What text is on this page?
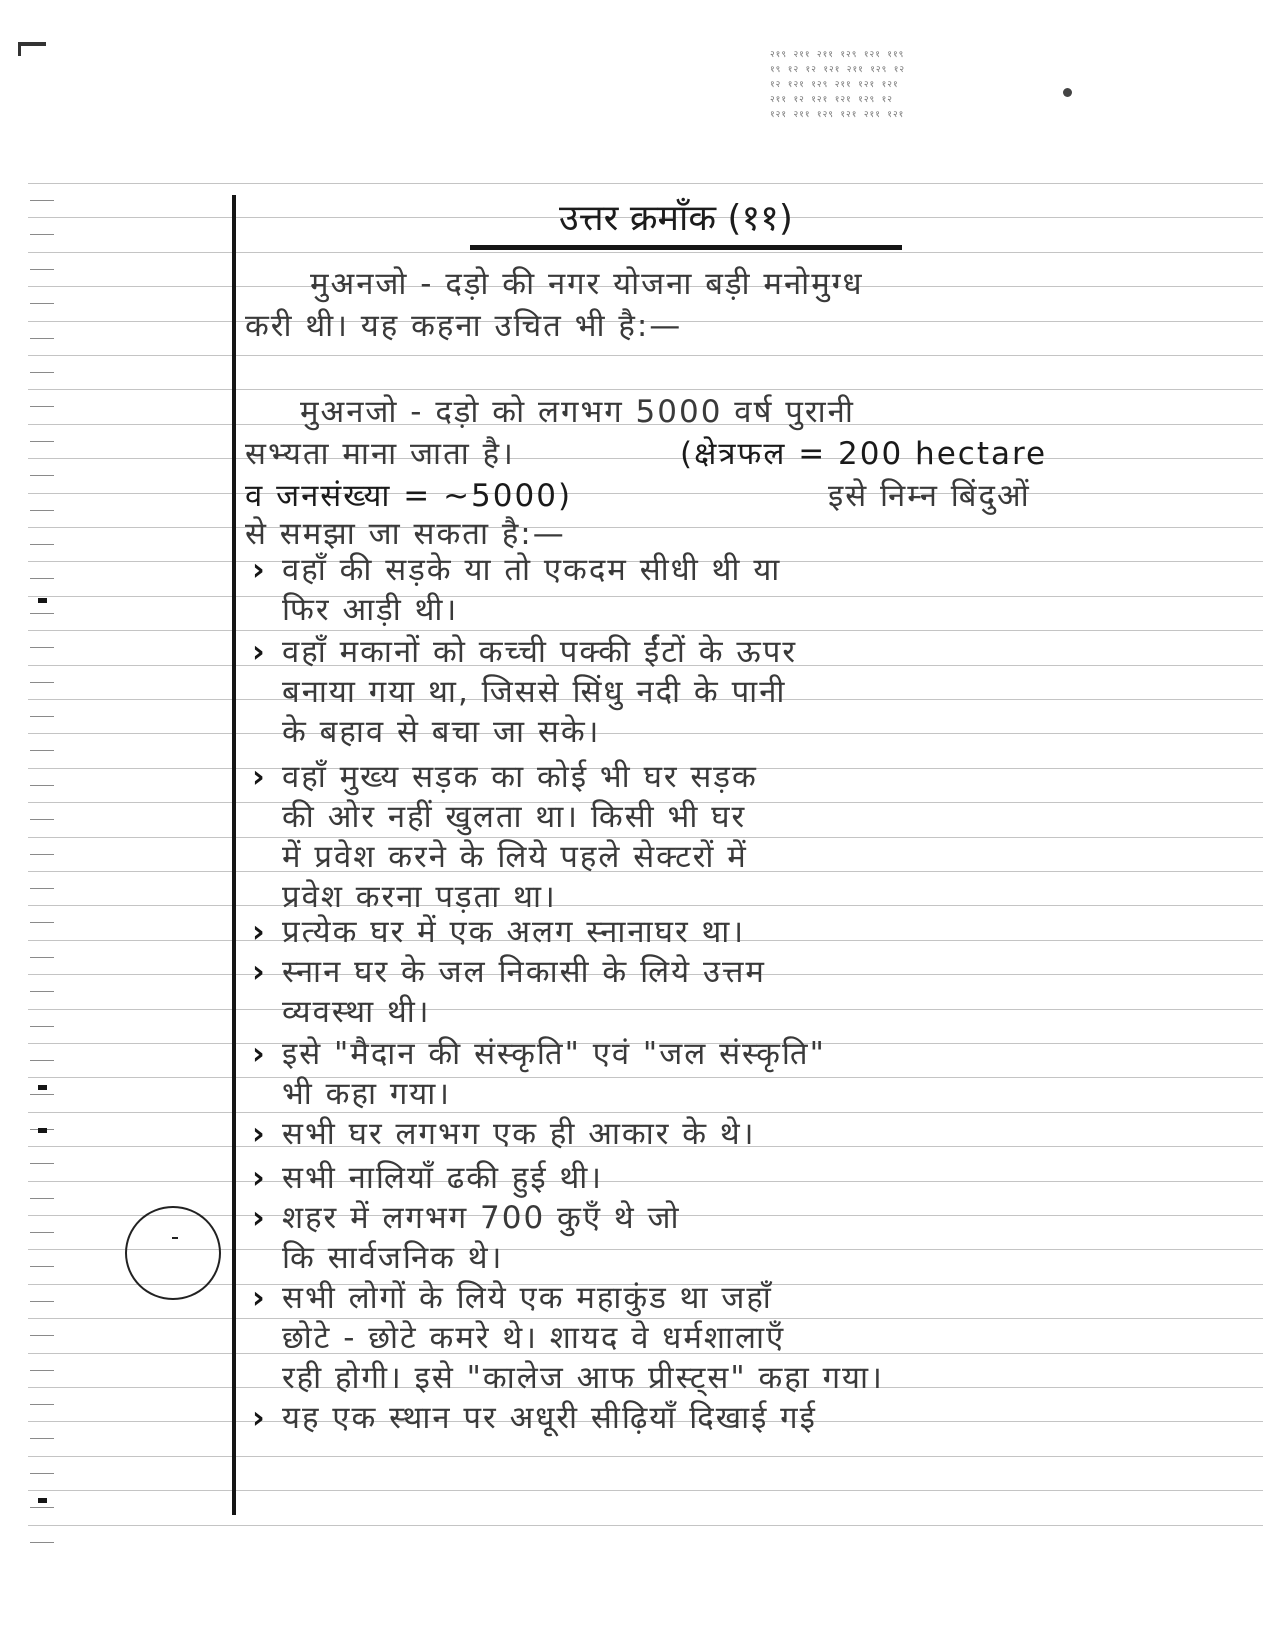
२१९ २११ २११ १२९ १२१ ११९
१९ १२ १२ १२१ २११ १२९ १२
१२ १२१ १२९ २११ १२१ १२१
२११ १२ १२१ १२१ १२९ १२
१२१ २११ १२९ १२१ २११ १२१
उत्तर क्रमाँक (११)
मुअनजो - दड़ो की नगर योजना बड़ी मनोमुग्ध
करी थी। यह कहना उचित भी है:—
मुअनजो - दड़ो को लगभग 5000 वर्ष पुरानी
सभ्यता माना जाता है।	(क्षेत्रफल = 200 hectare
व जनसंख्या = ~5000)	इसे निम्न बिंदुओं
से समझा जा सकता है:—
› वहाँ की सड़के या तो एकदम सीधी थी या
फिर आड़ी थी।
› वहाँ मकानों को कच्ची पक्की ईंटों के ऊपर
बनाया गया था, जिससे सिंधु नदी के पानी
के बहाव से बचा जा सके।
› वहाँ मुख्य सड़क का कोई भी घर सड़क
की ओर नहीं खुलता था। किसी भी घर
में प्रवेश करने के लिये पहले सेक्टरों में
प्रवेश करना पड़ता था।
› प्रत्येक घर में एक अलग स्नानाघर था।
› स्नान घर के जल निकासी के लिये उत्तम
व्यवस्था थी।
› इसे "मैदान की संस्कृति" एवं "जल संस्कृति"
भी कहा गया।
› सभी घर लगभग एक ही आकार के थे।
› सभी नालियाँ ढकी हुई थी।
› शहर में लगभग 700 कुएँ थे जो
कि सार्वजनिक थे।
› सभी लोगों के लिये एक महाकुंड था जहाँ
छोटे - छोटे कमरे थे। शायद वे धर्मशालाएँ
रही होगी। इसे "कालेज आफ प्रीस्ट्स" कहा गया।
› यह एक स्थान पर अधूरी सीढ़ियाँ दिखाई गई
